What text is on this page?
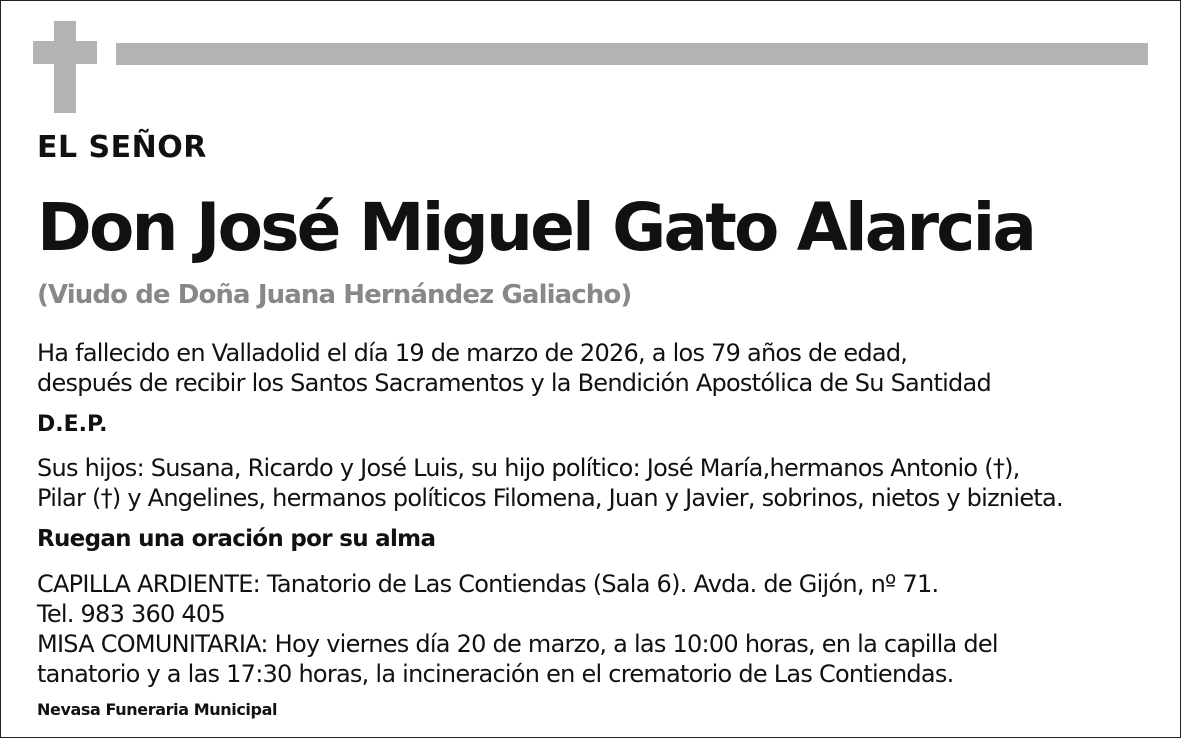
EL SEÑOR
Don José Miguel Gato Alarcia
(Viudo de Doña Juana Hernández Galiacho)
Ha fallecido en Valladolid el día 19 de marzo de 2026, a los 79 años de edad,
después de recibir los Santos Sacramentos y la Bendición Apostólica de Su Santidad
D.E.P.
Sus hijos: Susana, Ricardo y José Luis, su hijo político: José María,hermanos Antonio (†),
Pilar (†) y Angelines, hermanos políticos Filomena, Juan y Javier, sobrinos, nietos y biznieta.
Ruegan una oración por su alma
CAPILLA ARDIENTE: Tanatorio de Las Contiendas (Sala 6). Avda. de Gijón, nº 71.
Tel. 983 360 405
MISA COMUNITARIA: Hoy viernes día 20 de marzo, a las 10:00 horas, en la capilla del
tanatorio y a las 17:30 horas, la incineración en el crematorio de Las Contiendas.
Nevasa Funeraria Municipal
